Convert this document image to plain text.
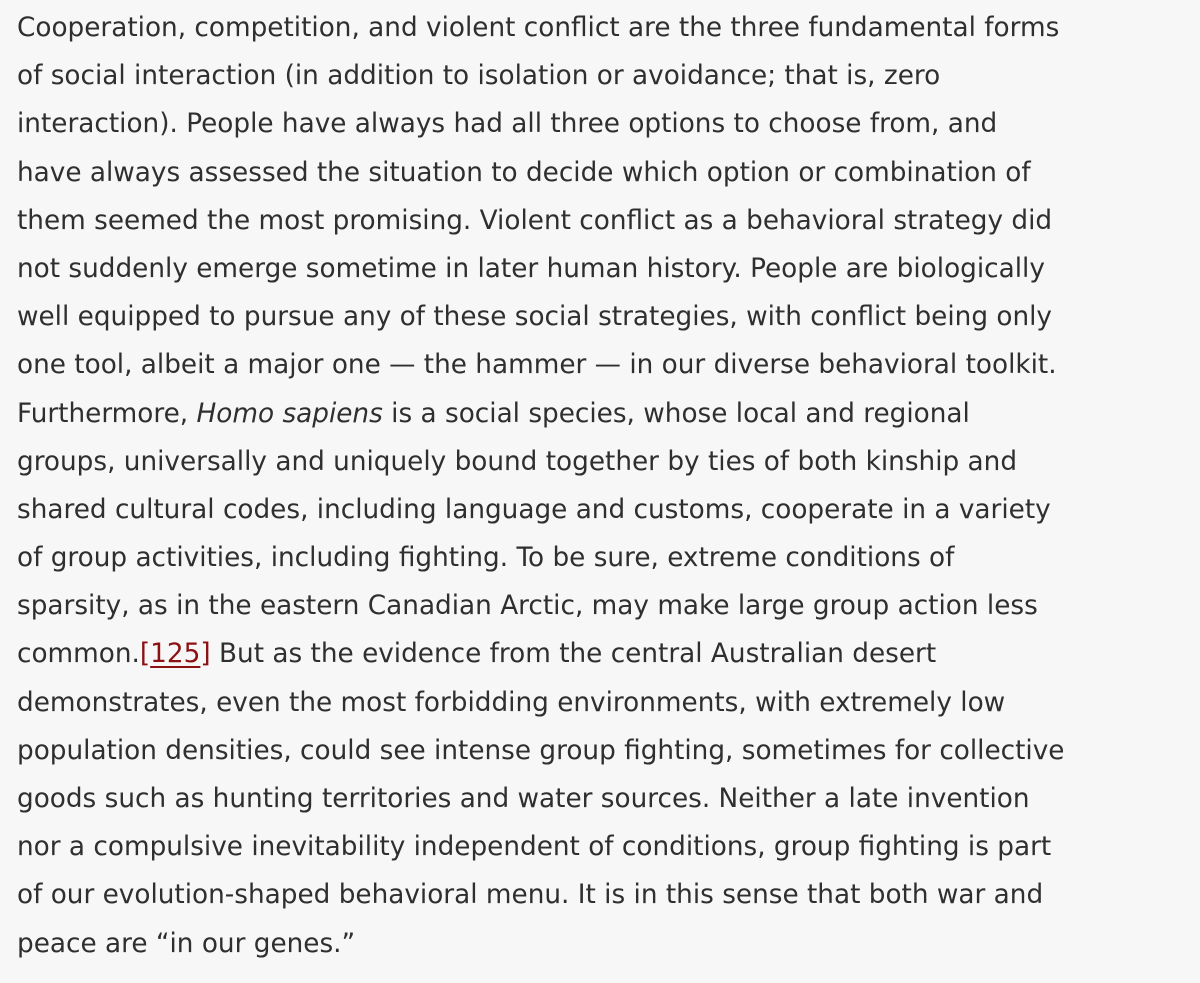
Cooperation, competition, and violent conflict are the three fundamental forms
of social interaction (in addition to isolation or avoidance; that is, zero
interaction). People have always had all three options to choose from, and
have always assessed the situation to decide which option or combination of
them seemed the most promising. Violent conflict as a behavioral strategy did
not suddenly emerge sometime in later human history. People are biologically
well equipped to pursue any of these social strategies, with conflict being only
one tool, albeit a major one — the hammer — in our diverse behavioral toolkit.
Furthermore, Homo sapiens is a social species, whose local and regional
groups, universally and uniquely bound together by ties of both kinship and
shared cultural codes, including language and customs, cooperate in a variety
of group activities, including fighting. To be sure, extreme conditions of
sparsity, as in the eastern Canadian Arctic, may make large group action less
common.[125] But as the evidence from the central Australian desert
demonstrates, even the most forbidding environments, with extremely low
population densities, could see intense group fighting, sometimes for collective
goods such as hunting territories and water sources. Neither a late invention
nor a compulsive inevitability independent of conditions, group fighting is part
of our evolution-shaped behavioral menu. It is in this sense that both war and
peace are “in our genes.”
